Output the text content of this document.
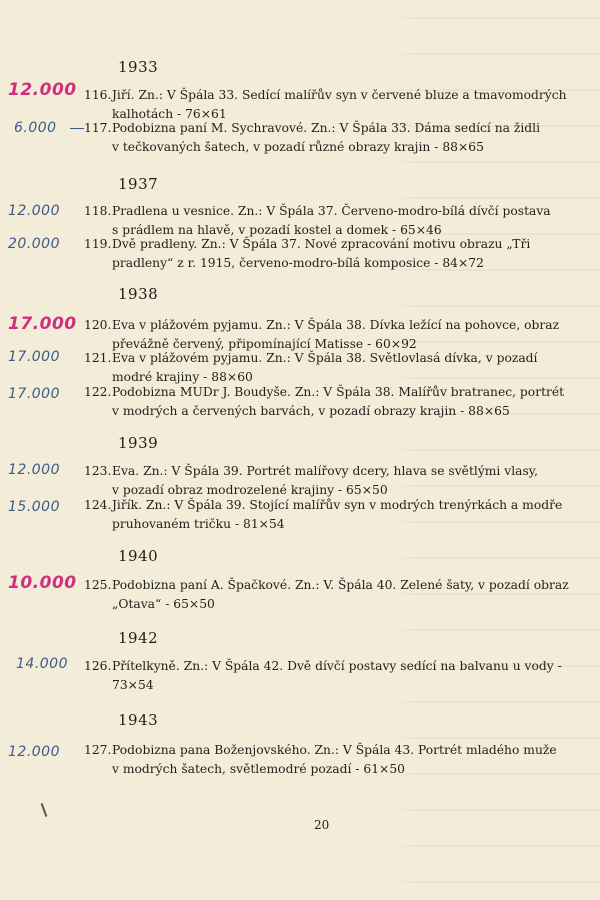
1933
12.000 116.Jiří. Zn.: V Špála 33. Sedící malířův syn v červené bluze a tmavomodrých
kalhotách - 76×61
6.000	117.Podobizna paní M. Sychravové. Zn.: V Špála 33. Dáma sedící na židli
v tečkovaných šatech, v pozadí různé obrazy krajin - 88×65
1937
12.000	118.Pradlena u vesnice. Zn.: V Špála 37. Červeno-modro-bílá dívčí postava
s prádlem na hlavě, v pozadí kostel a domek - 65×46
20.000	119.Dvě pradleny. Zn.: V Špála 37. Nové zpracování motivu obrazu „Tři
pradleny“ z r. 1915, červeno-modro-bílá komposice - 84×72
1938
17.000 120.Eva v plážovém pyjamu. Zn.: V Špála 38. Dívka ležící na pohovce, obraz
převážně červený, připomínající Matisse - 60×92
17.000	121.Eva v plážovém pyjamu. Zn.: V Špála 38. Světlovlasá dívka, v pozadí
modré krajiny - 88×60
17.000	122.Podobizna MUDr J. Boudyše. Zn.: V Špála 38. Malířův bratranec, portrét
v modrých a červených barvách, v pozadí obrazy krajin - 88×65
1939
12.000	123.Eva. Zn.: V Špála 39. Portrét malířovy dcery, hlava se světlými vlasy,
v pozadí obraz modrozelené krajiny - 65×50
15.000	124.Jiřík. Zn.: V Špála 39. Stojící malířův syn v modrých trenýrkách a modře
pruhovaném tričku - 81×54
1940
10.000 125.Podobizna paní A. Špačkové. Zn.: V. Špála 40. Zelené šaty, v pozadí obraz
„Otava“ - 65×50
1942
14.000	126.Přítelkyně. Zn.: V Špála 42. Dvě dívčí postavy sedící na balvanu u vody -
73×54
1943
12.000	127.Podobizna pana Boženjovského. Zn.: V Špála 43. Portrét mladého muže
v modrých šatech, světlemodré pozadí - 61×50
20
